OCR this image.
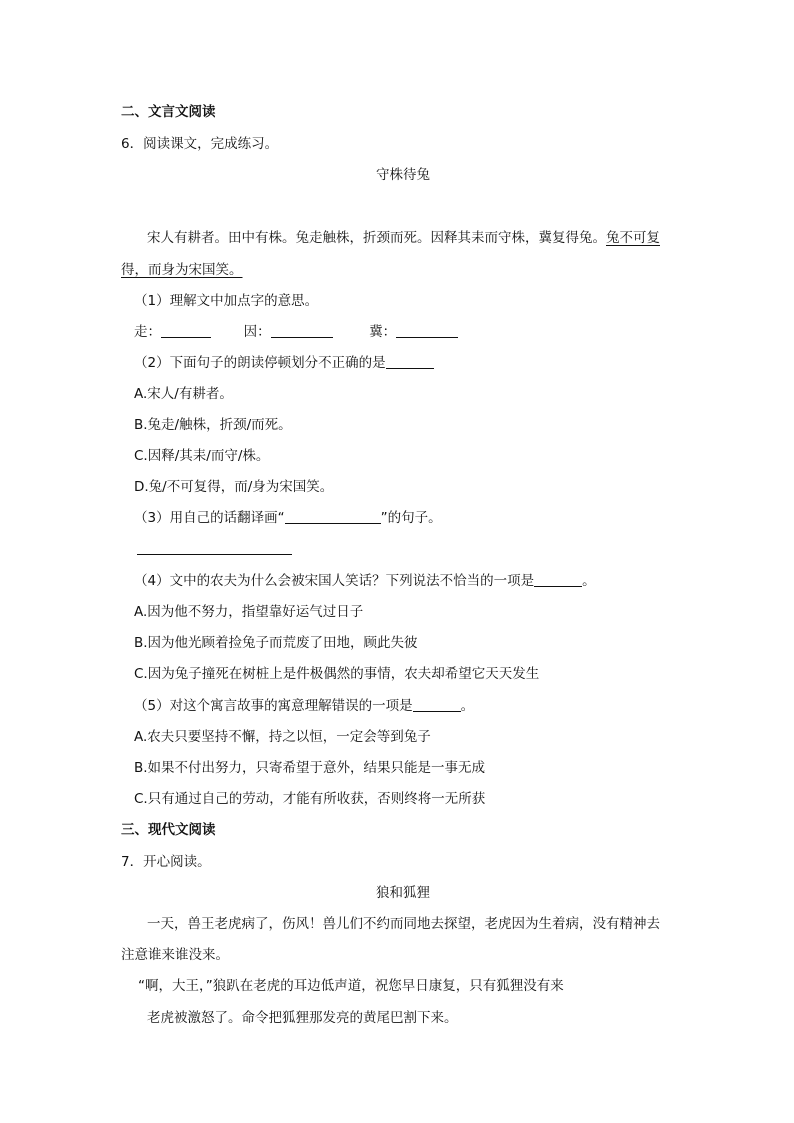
二、文言文阅读
6．阅读课文，完成练习。
守株待兔
宋人有耕者。田中有株。兔走触株，折颈而死。因释其耒而守株，冀复得兔。兔不可复
得，而身为宋国笑。
（1）理解文中加点字的意思。
走：	因：	冀：
（2）下面句子的朗读停顿划分不正确的是
A.宋人/有耕者。
B.兔走/触株，折颈/而死。
C.因释/其耒/而守/株。
D.兔/不可复得，而/身为宋国笑。
（3）用自己的话翻译画“	”的句子。
（4）文中的农夫为什么会被宋国人笑话？下列说法不恰当的一项是	。
A.因为他不努力，指望靠好运气过日子
B.因为他光顾着捡兔子而荒废了田地，顾此失彼
C.因为兔子撞死在树桩上是件极偶然的事情，农夫却希望它天天发生
（5）对这个寓言故事的寓意理解错误的一项是	。
A.农夫只要坚持不懈，持之以恒，一定会等到兔子
B.如果不付出努力，只寄希望于意外，结果只能是一事无成
C.只有通过自己的劳动，才能有所收获，否则终将一无所获
三、现代文阅读
7．开心阅读。
狼和狐狸
一天，兽王老虎病了，伤风！兽儿们不约而同地去探望，老虎因为生着病，没有精神去
注意谁来谁没来。
“啊，大王，”狼趴在老虎的耳边低声道，祝您早日康复，只有狐狸没有来
老虎被激怒了。命令把狐狸那发亮的黄尾巴割下来。
